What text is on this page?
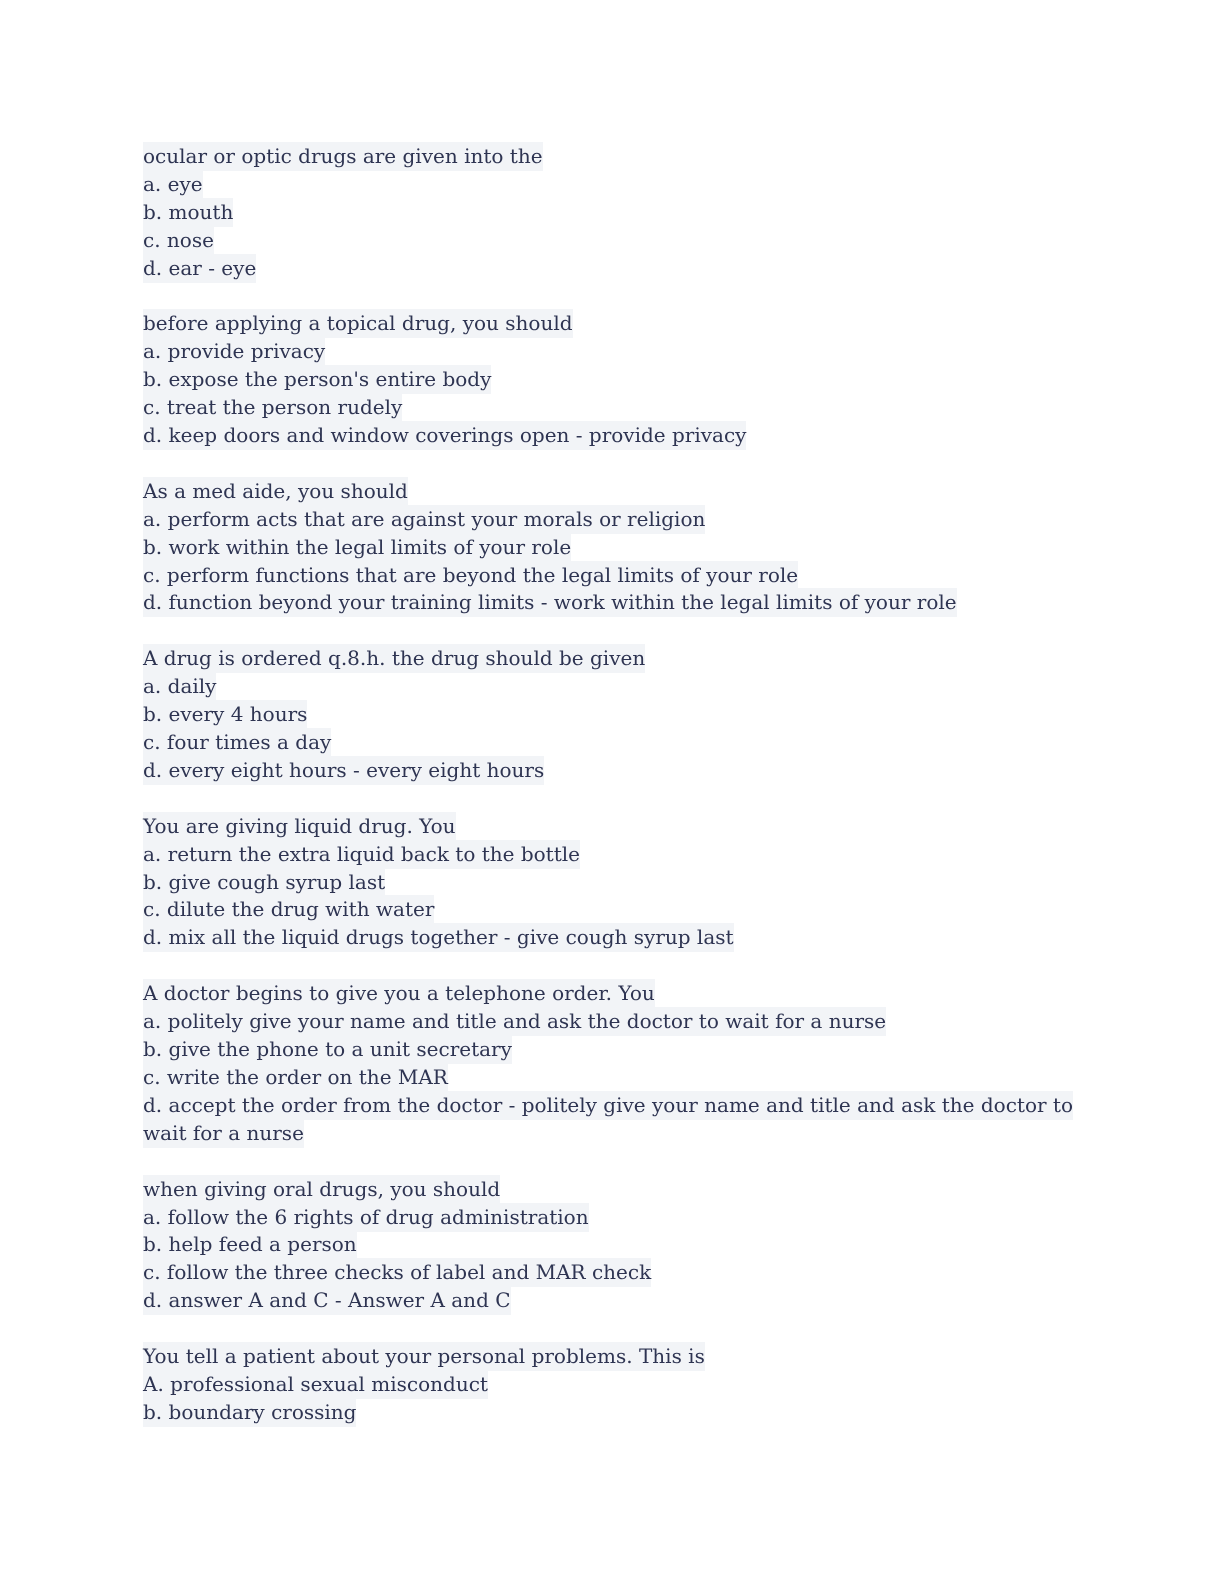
ocular or optic drugs are given into the
a. eye
b. mouth
c. nose
d. ear - eye
before applying a topical drug, you should
a. provide privacy
b. expose the person's entire body
c. treat the person rudely
d. keep doors and window coverings open - provide privacy
As a med aide, you should
a. perform acts that are against your morals or religion
b. work within the legal limits of your role
c. perform functions that are beyond the legal limits of your role
d. function beyond your training limits - work within the legal limits of your role
A drug is ordered q.8.h. the drug should be given
a. daily
b. every 4 hours
c. four times a day
d. every eight hours - every eight hours
You are giving liquid drug. You
a. return the extra liquid back to the bottle
b. give cough syrup last
c. dilute the drug with water
d. mix all the liquid drugs together - give cough syrup last
A doctor begins to give you a telephone order. You
a. politely give your name and title and ask the doctor to wait for a nurse
b. give the phone to a unit secretary
c. write the order on the MAR
d. accept the order from the doctor - politely give your name and title and ask the doctor to
wait for a nurse
when giving oral drugs, you should
a. follow the 6 rights of drug administration
b. help feed a person
c. follow the three checks of label and MAR check
d. answer A and C - Answer A and C
You tell a patient about your personal problems. This is
A. professional sexual misconduct
b. boundary crossing
